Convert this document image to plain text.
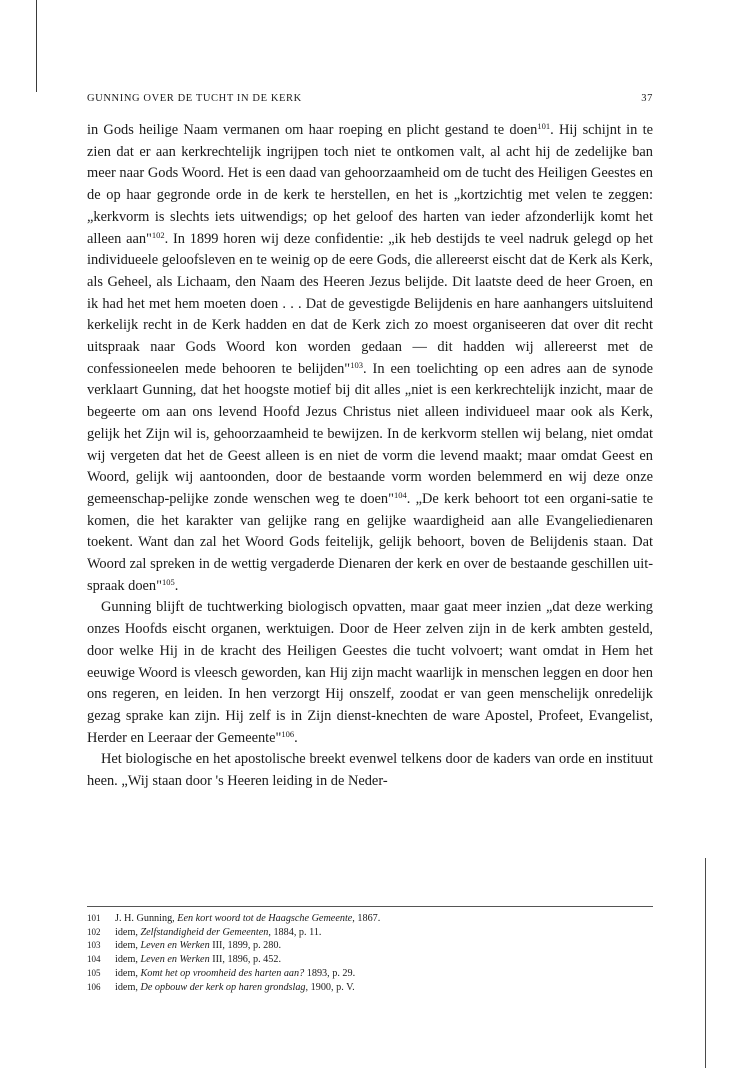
GUNNING OVER DE TUCHT IN DE KERK	37

in Gods heilige Naam vermanen om haar roeping en plicht gestand te doen$^{101}$. Hij schijnt in te zien dat er aan kerkrechtelijk ingrijpen toch niet te ontkomen valt, al acht hij de zedelijke ban meer naar Gods Woord. Het is een daad van gehoorzaamheid om de tucht des Heiligen Geestes en de op haar gegronde orde in de kerk te herstellen, en het is „kortzichtig met velen te zeggen: „kerkvorm is slechts iets uitwendigs; op het geloof des harten van ieder afzonderlijk komt het alleen aan"$^{102}$. In 1899 horen wij deze confidentie: „ik heb destijds te veel nadruk gelegd op het individueele geloofsleven en te weinig op de eere Gods, die allereerst eischt dat de Kerk als Kerk, als Geheel, als Lichaam, den Naam des Heeren Jezus belijde. Dit laatste deed de heer Groen, en ik had het met hem moeten doen . . . Dat de gevestigde Belijdenis en hare aanhangers uitsluitend kerkelijk recht in de Kerk hadden en dat de Kerk zich zo moest organiseeren dat over dit recht uitspraak naar Gods Woord kon worden gedaan — dit hadden wij allereerst met de confessioneelen mede behooren te belijden"$^{103}$. In een toelichting op een adres aan de synode verklaart Gunning, dat het hoogste motief bij dit alles „niet is een kerkrechtelijk inzicht, maar de begeerte om aan ons levend Hoofd Jezus Christus niet alleen individueel maar ook als Kerk, gelijk het Zijn wil is, gehoorzaamheid te bewijzen. In de kerkvorm stellen wij belang, niet omdat wij vergeten dat het de Geest alleen is en niet de vorm die levend maakt; maar omdat Geest en Woord, gelijk wij aantoonden, door de bestaande vorm worden belemmerd en wij deze onze gemeenschap-pelijke zonde wenschen weg te doen"$^{104}$. „De kerk behoort tot een organi-satie te komen, die het karakter van gelijke rang en gelijke waardigheid aan alle Evangeliedienaren toekent. Want dan zal het Woord Gods feitelijk, gelijk behoort, boven de Belijdenis staan. Dat Woord zal spreken in de wettig vergaderde Dienaren der kerk en over de bestaande geschillen uit-spraak doen"$^{105}$.

Gunning blijft de tuchtwerking biologisch opvatten, maar gaat meer inzien „dat deze werking onzes Hoofds eischt organen, werktuigen. Door de Heer zelven zijn in de kerk ambten gesteld, door welke Hij in de kracht des Heiligen Geestes die tucht volvoert; want omdat in Hem het eeuwige Woord is vleesch geworden, kan Hij zijn macht waarlijk in menschen leggen en door hen ons regeren, en leiden. In hen verzorgt Hij onszelf, zoodat er van geen menschelijk onredelijk gezag sprake kan zijn. Hij zelf is in Zijn dienst-knechten de ware Apostel, Profeet, Evangelist, Herder en Leeraar der Gemeente"$^{106}$.

Het biologische en het apostolische breekt evenwel telkens door de kaders van orde en instituut heen. „Wij staan door 's Heeren leiding in de Neder-

101	J. H. Gunning, Een kort woord tot de Haagsche Gemeente, 1867.
102	idem, Zelfstandigheid der Gemeenten, 1884, p. 11.
103	idem, Leven en Werken III, 1899, p. 280.
104	idem, Leven en Werken III, 1896, p. 452.
105	idem, Komt het op vroomheid des harten aan? 1893, p. 29.
106	idem, De opbouw der kerk op haren grondslag, 1900, p. V.
